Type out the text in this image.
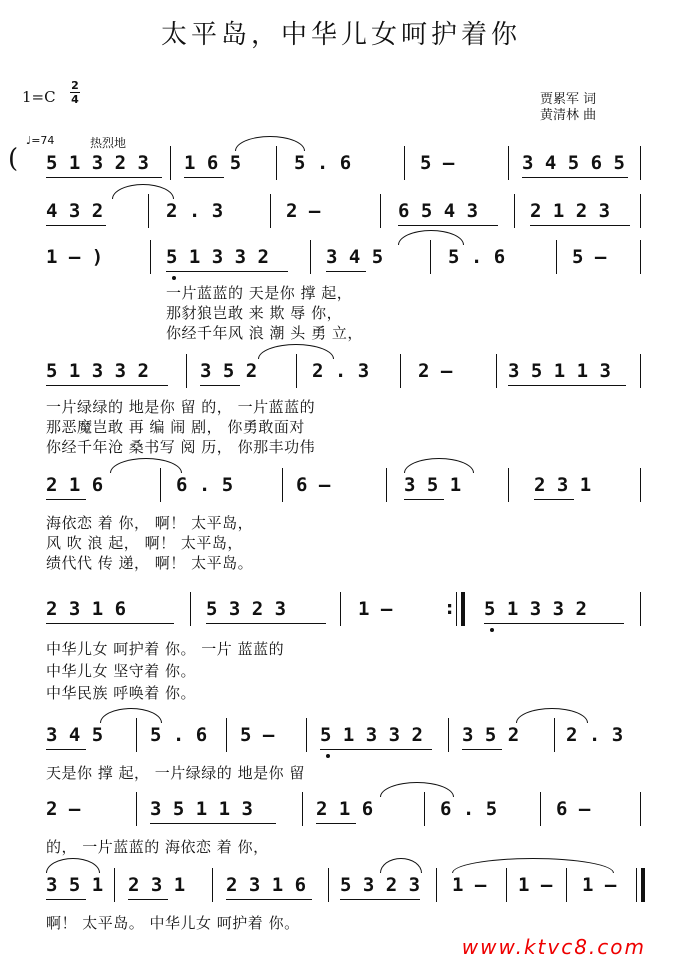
太平岛，中华儿女呵护着你
1=C
2
4	贾累军 词
黄清林 曲
♩=74	热烈地
( 5 1 3 2 3 1 6 5	5 . 6	5 –	3 4 5 6 5
4 3 2	2 . 3	2 –	6 5 4 3	2 1 2 3
1 – )	5 1 3 3 2	3 4 5	5 . 6	5 –
一片蓝蓝的 天是你 撑 起，
那豺狼岂敢 来 欺 辱 你，
你经千年风 浪 潮 头 勇 立，
5 1 3 3 2	3 5 2	2 . 3	2 –	3 5 1 1 3
一片绿绿的 地是你 留 的， 一片蓝蓝的
那恶魔岂敢 再 编 闹 剧， 你勇敢面对
你经千年沧 桑书写 阅 历， 你那丰功伟
2 1 6	6 . 5	6 –	3 5 1	2 3 1
海依恋 着 你， 啊！ 太平岛，
风 吹 浪 起， 啊！ 太平岛，
绩代代 传 递， 啊！ 太平岛。
2 3 1 6	5 3 2 3	1 –	: 5 1 3 3 2
中华儿女 呵护着 你。 一片 蓝蓝的
中华儿女 坚守着 你。
中华民族 呼唤着 你。
3 4 5 5 . 6 5 – 5 1 3 3 2 3 5 2 2 . 3
天是你 撑 起， 一片绿绿的 地是你 留
2 –	3 5 1 1 3	2 1 6	6 . 5	6 –
的， 一片蓝蓝的 海依恋 着 你，
3 5 1 2 3 1 2 3 1 6 5 3 2 3 1 – 1 – 1 –
啊！ 太平岛。 中华儿女 呵护着 你。
www.ktvc8.com
